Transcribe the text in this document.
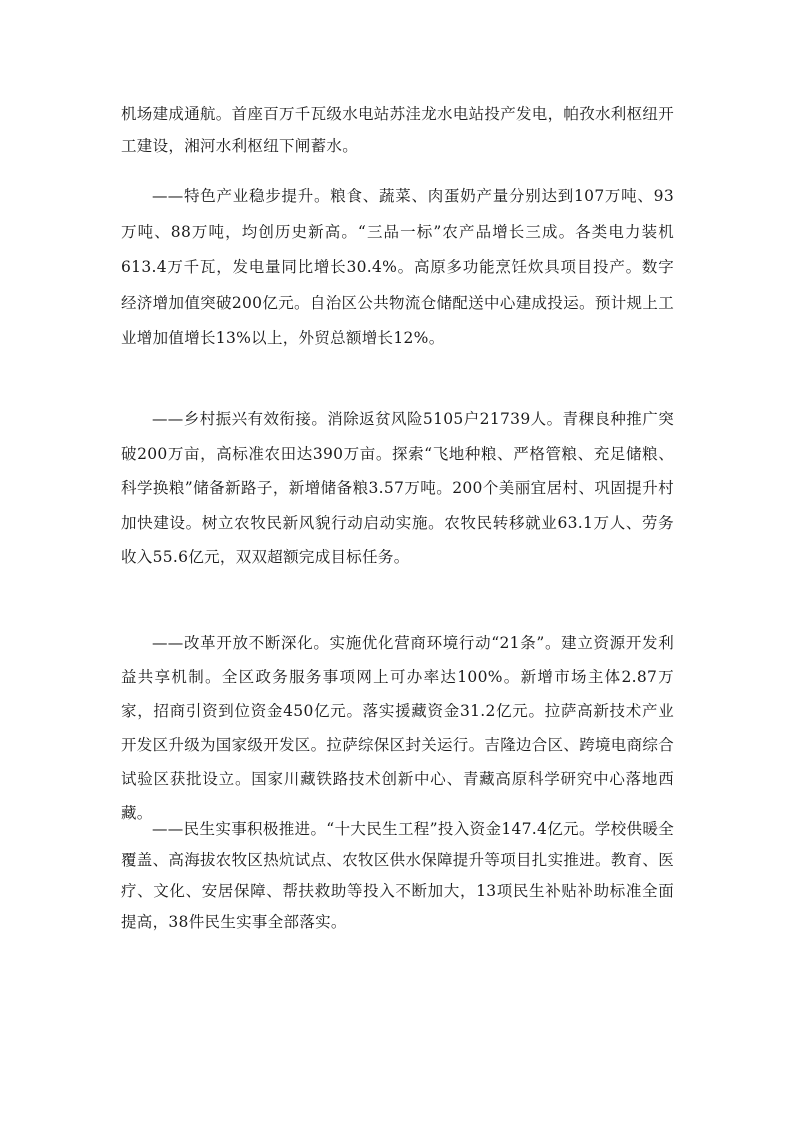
机场建成通航。首座百万千瓦级水电站苏洼龙水电站投产发电，帕孜水利枢纽开工建设，湘河水利枢纽下闸蓄水。

——特色产业稳步提升。粮食、蔬菜、肉蛋奶产量分别达到107万吨、93万吨、88万吨，均创历史新高。“三品一标”农产品增长三成。各类电力装机613.4万千瓦，发电量同比增长30.4%。高原多功能烹饪炊具项目投产。数字经济增加值突破200亿元。自治区公共物流仓储配送中心建成投运。预计规上工业增加值增长13%以上，外贸总额增长12%。

——乡村振兴有效衔接。消除返贫风险5105户21739人。青稞良种推广突破200万亩，高标准农田达390万亩。探索“飞地种粮、严格管粮、充足储粮、科学换粮”储备新路子，新增储备粮3.57万吨。200个美丽宜居村、巩固提升村加快建设。树立农牧民新风貌行动启动实施。农牧民转移就业63.1万人、劳务收入55.6亿元，双双超额完成目标任务。

——改革开放不断深化。实施优化营商环境行动“21条”。建立资源开发利益共享机制。全区政务服务事项网上可办率达100%。新增市场主体2.87万家，招商引资到位资金450亿元。落实援藏资金31.2亿元。拉萨高新技术产业开发区升级为国家级开发区。拉萨综保区封关运行。吉隆边合区、跨境电商综合试验区获批设立。国家川藏铁路技术创新中心、青藏高原科学研究中心落地西藏。

——民生实事积极推进。“十大民生工程”投入资金147.4亿元。学校供暖全覆盖、高海拔农牧区热炕试点、农牧区供水保障提升等项目扎实推进。教育、医疗、文化、安居保障、帮扶救助等投入不断加大，13项民生补贴补助标准全面提高，38件民生实事全部落实。
